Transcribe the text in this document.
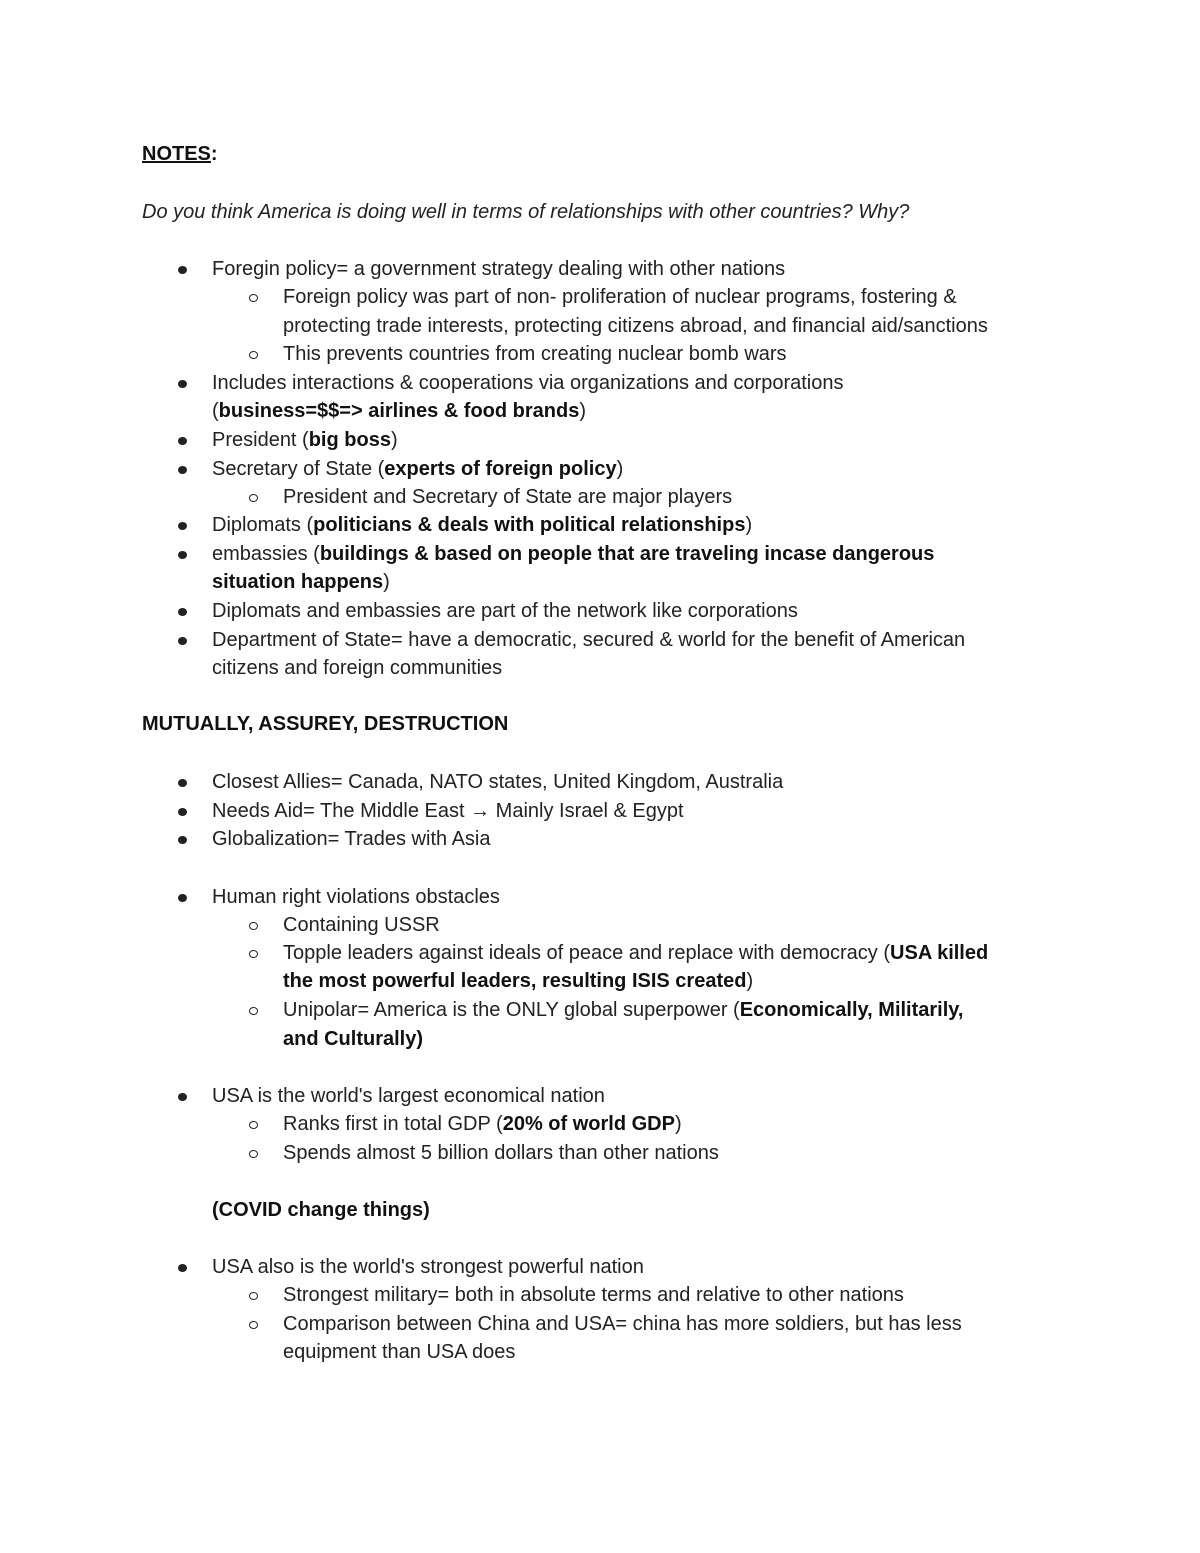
NOTES:
Do you think America is doing well in terms of relationships with other countries? Why?
Foregin policy= a government strategy dealing with other nations
Foreign policy was part of non- proliferation of nuclear programs, fostering &
protecting trade interests, protecting citizens abroad, and financial aid/sanctions
This prevents countries from creating nuclear bomb wars
Includes interactions & cooperations via organizations and corporations
(business=$$=> airlines & food brands)
President (big boss)
Secretary of State (experts of foreign policy)
President and Secretary of State are major players
Diplomats (politicians & deals with political relationships)
embassies (buildings & based on people that are traveling incase dangerous
situation happens)
Diplomats and embassies are part of the network like corporations
Department of State= have a democratic, secured & world for the benefit of American
citizens and foreign communities
MUTUALLY, ASSUREY, DESTRUCTION
Closest Allies= Canada, NATO states, United Kingdom, Australia
Needs Aid= The Middle East → Mainly Israel & Egypt
Globalization= Trades with Asia
Human right violations obstacles
Containing USSR
Topple leaders against ideals of peace and replace with democracy (USA killed
the most powerful leaders, resulting ISIS created)
Unipolar= America is the ONLY global superpower (Economically, Militarily,
and Culturally)
USA is the world's largest economical nation
Ranks first in total GDP (20% of world GDP)
Spends almost 5 billion dollars than other nations
(COVID change things)
USA also is the world's strongest powerful nation
Strongest military= both in absolute terms and relative to other nations
Comparison between China and USA= china has more soldiers, but has less
equipment than USA does
